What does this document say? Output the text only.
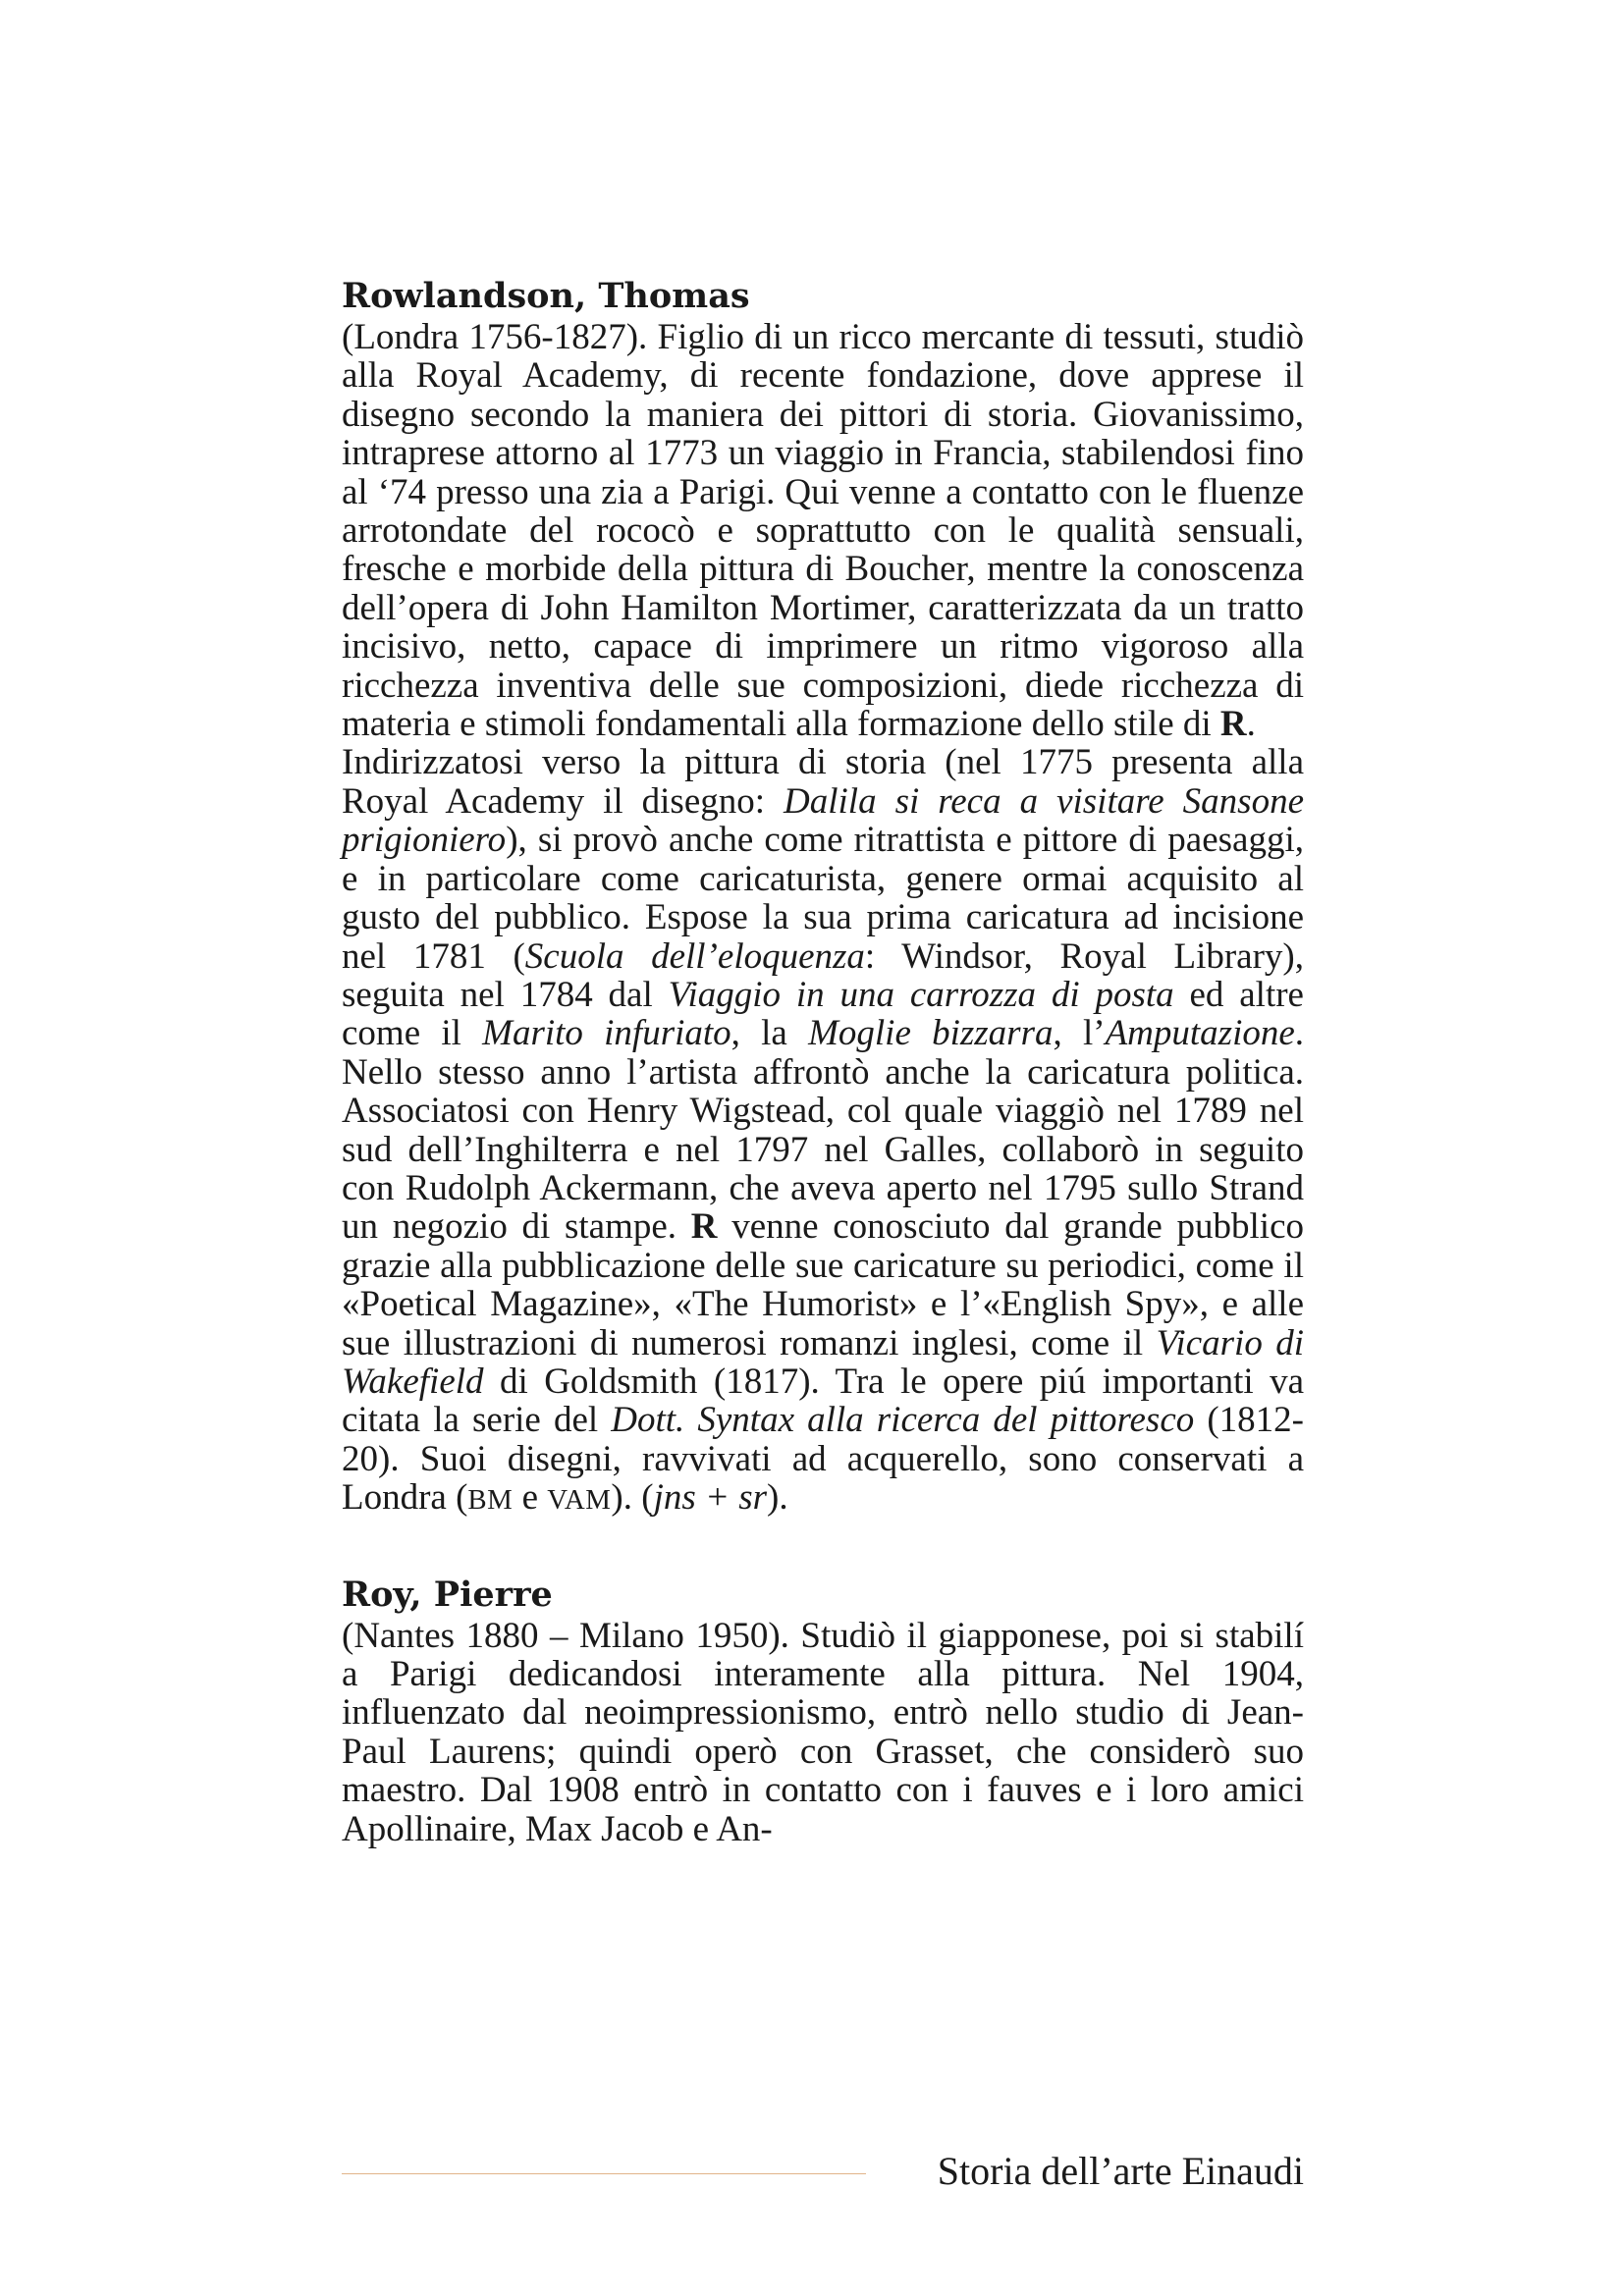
Rowlandson, Thomas

(Londra 1756-1827). Figlio di un ricco mercante di tessuti, studiò alla Royal Academy, di recente fondazione, dove apprese il disegno secondo la maniera dei pittori di storia. Giovanissimo, intraprese attorno al 1773 un viaggio in Francia, stabilendosi fino al ‘74 presso una zia a Parigi. Qui venne a contatto con le fluenze arrotondate del rococò e soprattutto con le qualità sensuali, fresche e morbide della pittura di Boucher, mentre la conoscenza dell’opera di John Hamilton Mortimer, caratterizzata da un tratto incisivo, netto, capace di imprimere un ritmo vigoroso alla ricchezza inventiva delle sue composizioni, diede ricchezza di materia e stimoli fondamentali alla formazione dello stile di R.

Indirizzatosi verso la pittura di storia (nel 1775 presenta alla Royal Academy il disegno: Dalila si reca a visitare Sansone prigioniero), si provò anche come ritrattista e pittore di paesaggi, e in particolare come caricaturista, genere ormai acquisito al gusto del pubblico. Espose la sua prima caricatura ad incisione nel 1781 (Scuola dell’eloquenza: Windsor, Royal Library), seguita nel 1784 dal Viaggio in una carrozza di posta ed altre come il Marito infuriato, la Moglie bizzarra, l’Amputazione. Nello stesso anno l’artista affrontò anche la caricatura politica. Associatosi con Henry Wigstead, col quale viaggiò nel 1789 nel sud dell’Inghilterra e nel 1797 nel Galles, collaborò in seguito con Rudolph Ackermann, che aveva aperto nel 1795 sullo Strand un negozio di stampe. R venne conosciuto dal grande pubblico grazie alla pubblicazione delle sue caricature su periodici, come il «Poetical Magazine», «The Humorist» e l’«English Spy», e alle sue illustrazioni di numerosi romanzi inglesi, come il Vicario di Wakefield di Goldsmith (1817). Tra le opere piú importanti va citata la serie del Dott. Syntax alla ricerca del pittoresco (1812-20). Suoi disegni, ravvivati ad acquerello, sono conservati a Londra (BM e VAM). (jns + sr).

Roy, Pierre

(Nantes 1880 – Milano 1950). Studiò il giapponese, poi si stabilí a Parigi dedicandosi interamente alla pittura. Nel 1904, influenzato dal neoimpressionismo, entrò nello studio di Jean-Paul Laurens; quindi operò con Grasset, che considerò suo maestro. Dal 1908 entrò in contatto con i fauves e i loro amici Apollinaire, Max Jacob e An-

Storia dell’arte Einaudi
